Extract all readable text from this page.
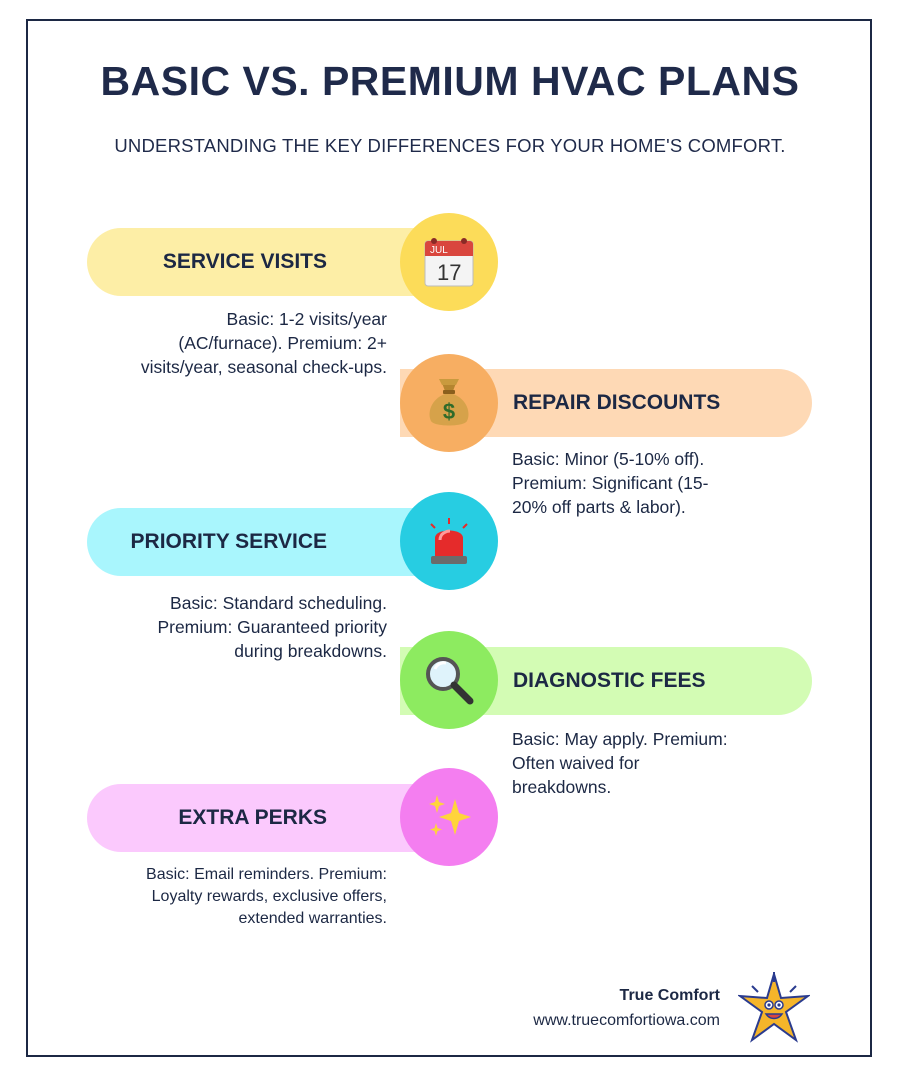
BASIC VS. PREMIUM HVAC PLANS
UNDERSTANDING THE KEY DIFFERENCES FOR YOUR HOME'S COMFORT.
SERVICE VISITS	JUL
17
Basic: 1-2 visits/year
(AC/furnace). Premium: 2+
visits/year, seasonal check-ups.
REPAIR DISCOUNTS
$
Basic: Minor (5-10% off).
Premium: Significant (15-
20% off parts & labor).
PRIORITY SERVICE
Basic: Standard scheduling.
Premium: Guaranteed priority
during breakdowns.
DIAGNOSTIC FEES
Basic: May apply. Premium:
Often waived for
breakdowns.
EXTRA PERKS
Basic: Email reminders. Premium:
Loyalty rewards, exclusive offers,
extended warranties.
True Comfort
www.truecomfortiowa.com
